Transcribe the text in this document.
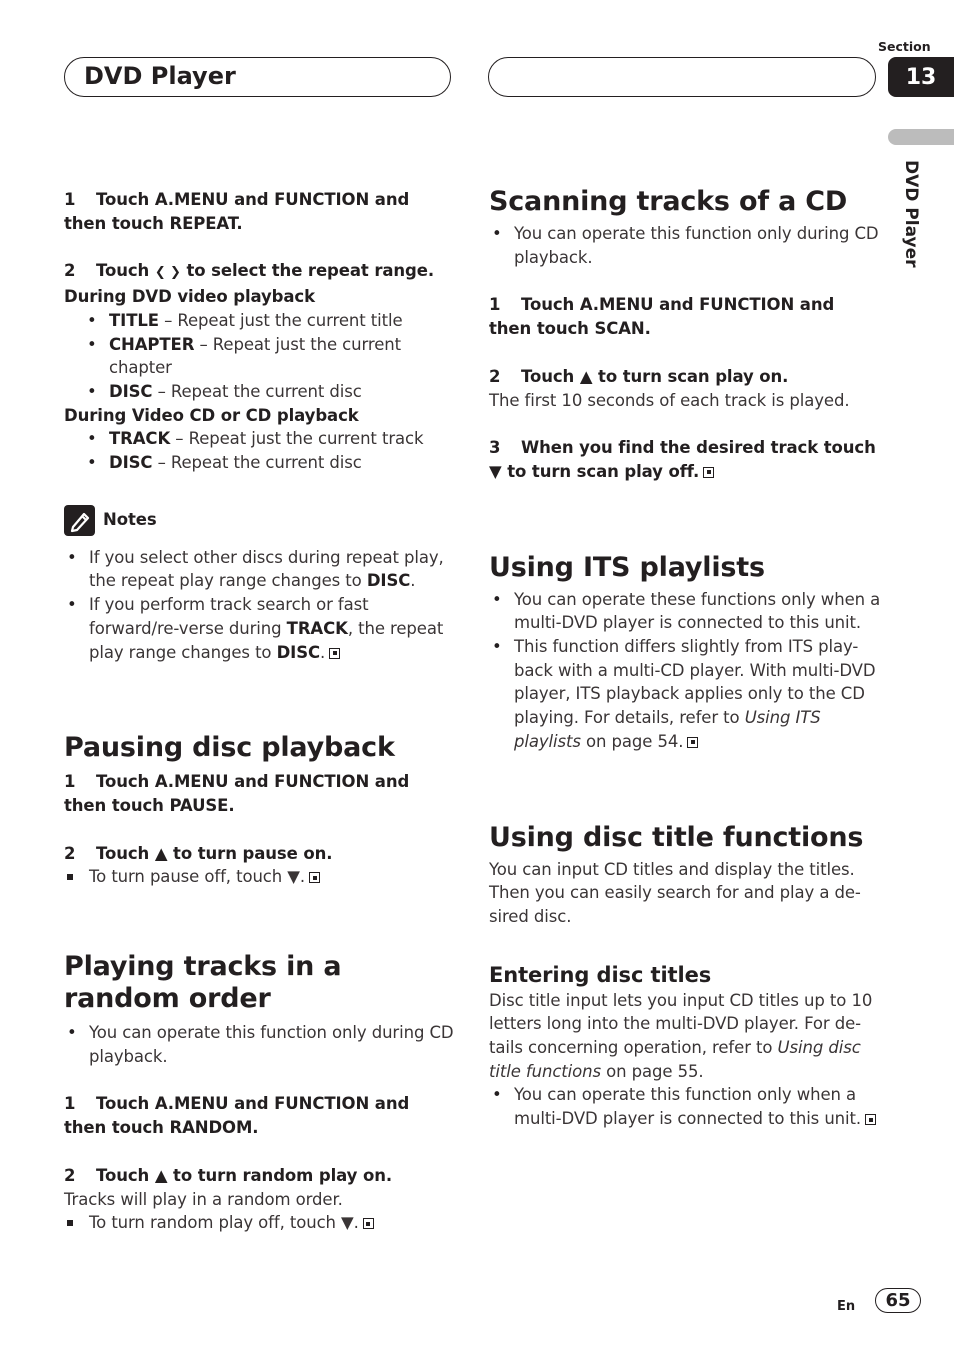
DVD Player
Section
13
DVD Player

1 Touch A.MENU and FUNCTION and then touch REPEAT.

2 Touch ❮ ❯ to select the repeat range.

During DVD video playback

• TITLE – Repeat just the current title
• CHAPTER – Repeat just the current chapter
• DISC – Repeat the current disc

During Video CD or CD playback

• TRACK – Repeat just the current track
• DISC – Repeat the current disc
Notes
• If you select other discs during repeat play, the repeat play range changes to DISC.
• If you perform track search or fast forward/re-verse during TRACK, the repeat play range changes to DISC.
Pausing disc playback

1 Touch A.MENU and FUNCTION and then touch PAUSE.

2 Touch ▲ to turn pause on.

To turn pause off, touch ▼.
Playing tracks in a random order
• You can operate this function only during CD playback.

1 Touch A.MENU and FUNCTION and then touch RANDOM.

2 Touch ▲ to turn random play on.

Tracks will play in a random order.

To turn random play off, touch ▼.
Scanning tracks of a CD
• You can operate this function only during CD playback.

1 Touch A.MENU and FUNCTION and then touch SCAN.

2 Touch ▲ to turn scan play on.

The first 10 seconds of each track is played.

3 When you find the desired track touch ▼ to turn scan play off.

Using ITS playlists
• You can operate these functions only when a multi-DVD player is connected to this unit.
• This function differs slightly from ITS play-back with a multi-CD player. With multi-DVD player, ITS playback applies only to the CD playing. For details, refer to Using ITS playlists on page 54.
Using disc title functions

You can input CD titles and display the titles. Then you can easily search for and play a de-sired disc.

Entering disc titles

Disc title input lets you input CD titles up to 10 letters long into the multi-DVD player. For de-tails concerning operation, refer to Using disc title functions on page 55.

• You can operate this function only when a multi-DVD player is connected to this unit.
En 65
